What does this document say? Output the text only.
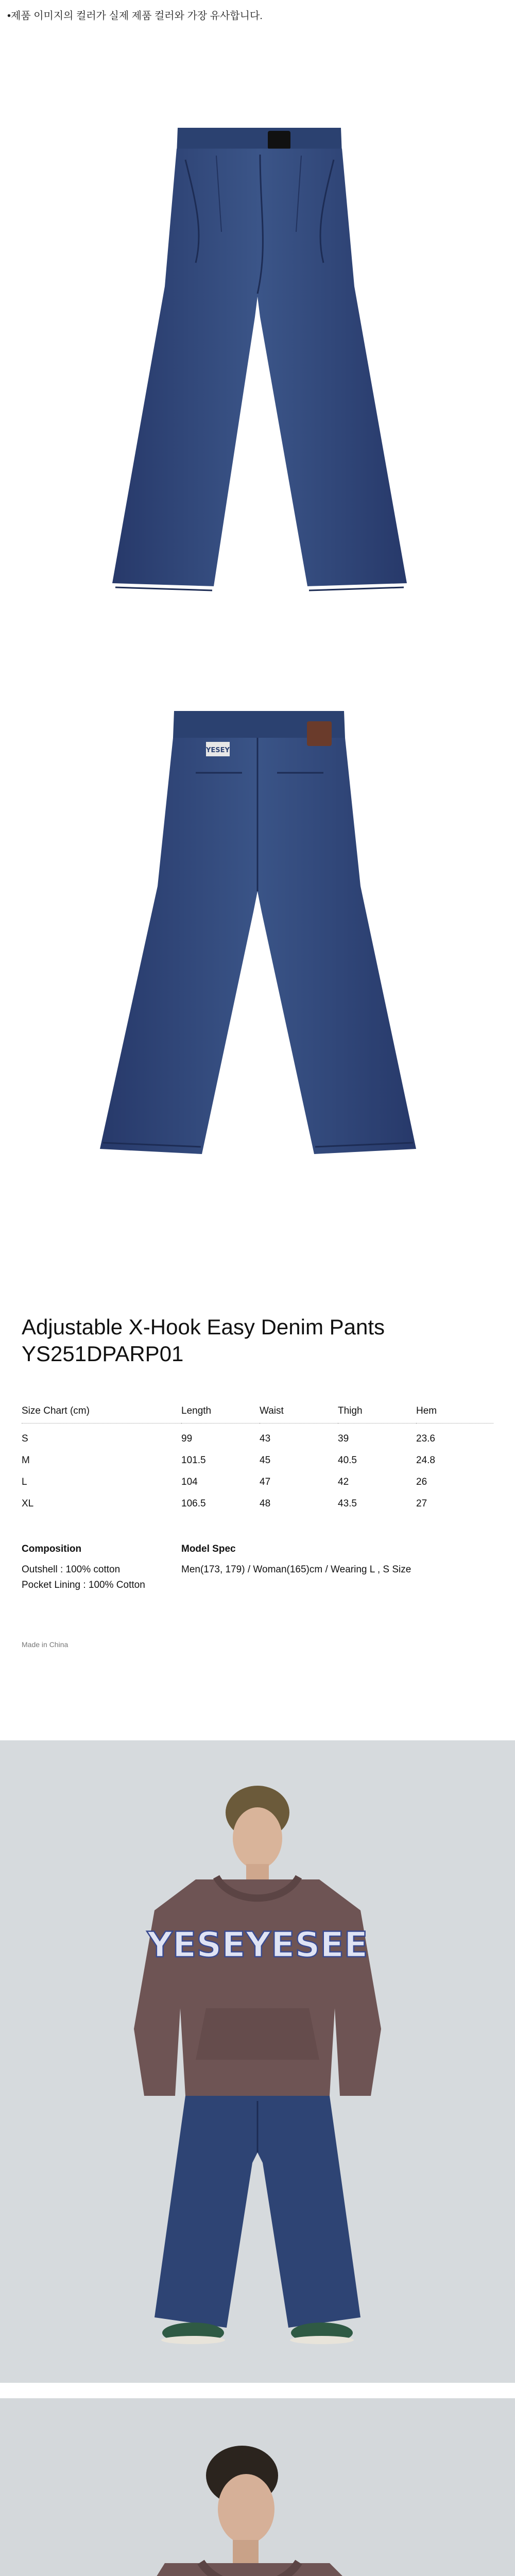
•제품 이미지의 컬러가 실제 제품 컬러와 가장 유사합니다.
YESEY
Adjustable X-Hook Easy Denim Pants
YS251DPARP01
Size Chart (cm)	Length	Waist	Thigh	Hem
S	99	43	39	23.6
M	101.5	45	40.5	24.8
L	104	47	42	26
XL	106.5	48	43.5	27
Composition
Outshell : 100% cotton
Pocket Lining : 100% Cotton
Model Spec
Men(173, 179) / Woman(165)cm / Wearing L , S Size
Made in China
YESEYESEE
